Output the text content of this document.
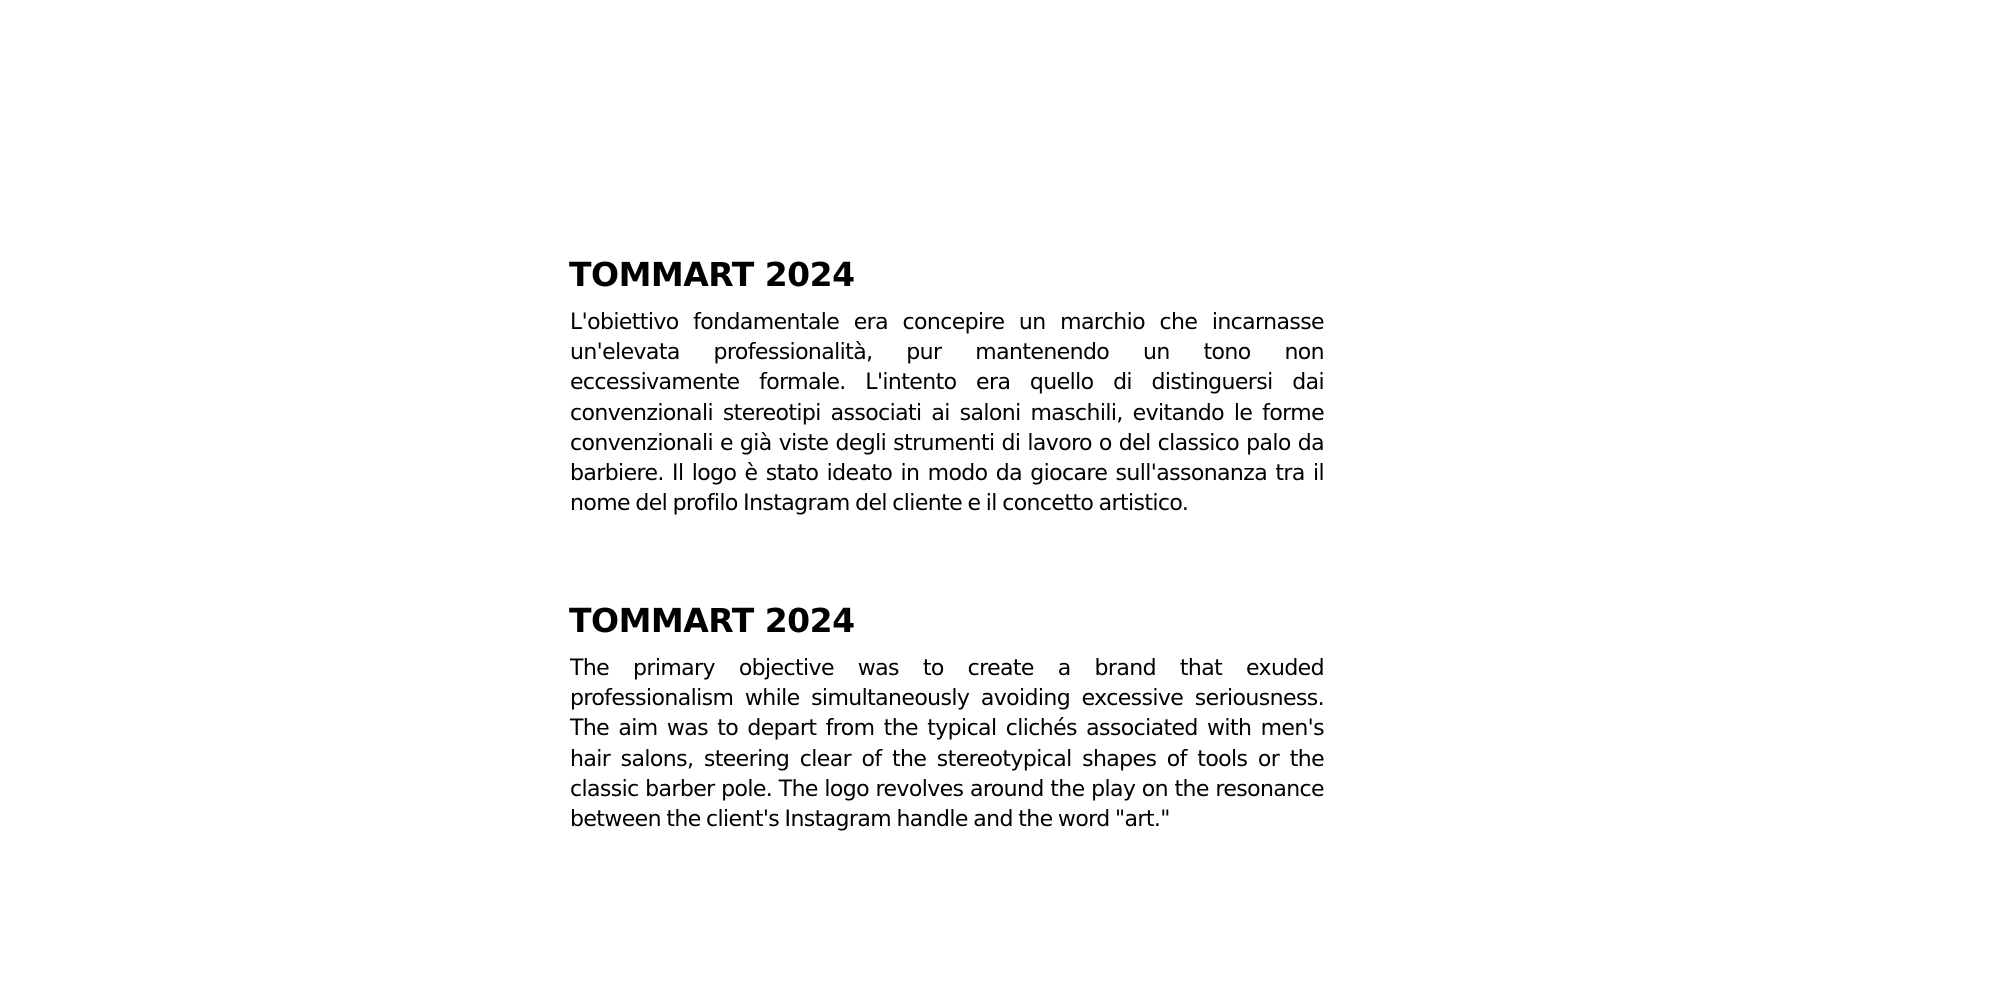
TOMMART 2024

L'obiettivo fondamentale era concepire un marchio che incarnasse un'elevata professionalità, pur mantenendo un tono non eccessivamente formale. L'intento era quello di distinguersi dai convenzionali stereotipi associati ai saloni maschili, evitando le forme convenzionali e già viste degli strumenti di lavoro o del classico palo da barbiere. Il logo è stato ideato in modo da giocare sull'assonanza tra il nome del profilo Instagram del cliente e il concetto artistico.

TOMMART 2024

The primary objective was to create a brand that exuded professionalism while simultaneously avoiding excessive seriousness. The aim was to depart from the typical clichés associated with men's hair salons, steering clear of the stereotypical shapes of tools or the classic barber pole. The logo revolves around the play on the resonance between the client's Instagram handle and the word "art."
